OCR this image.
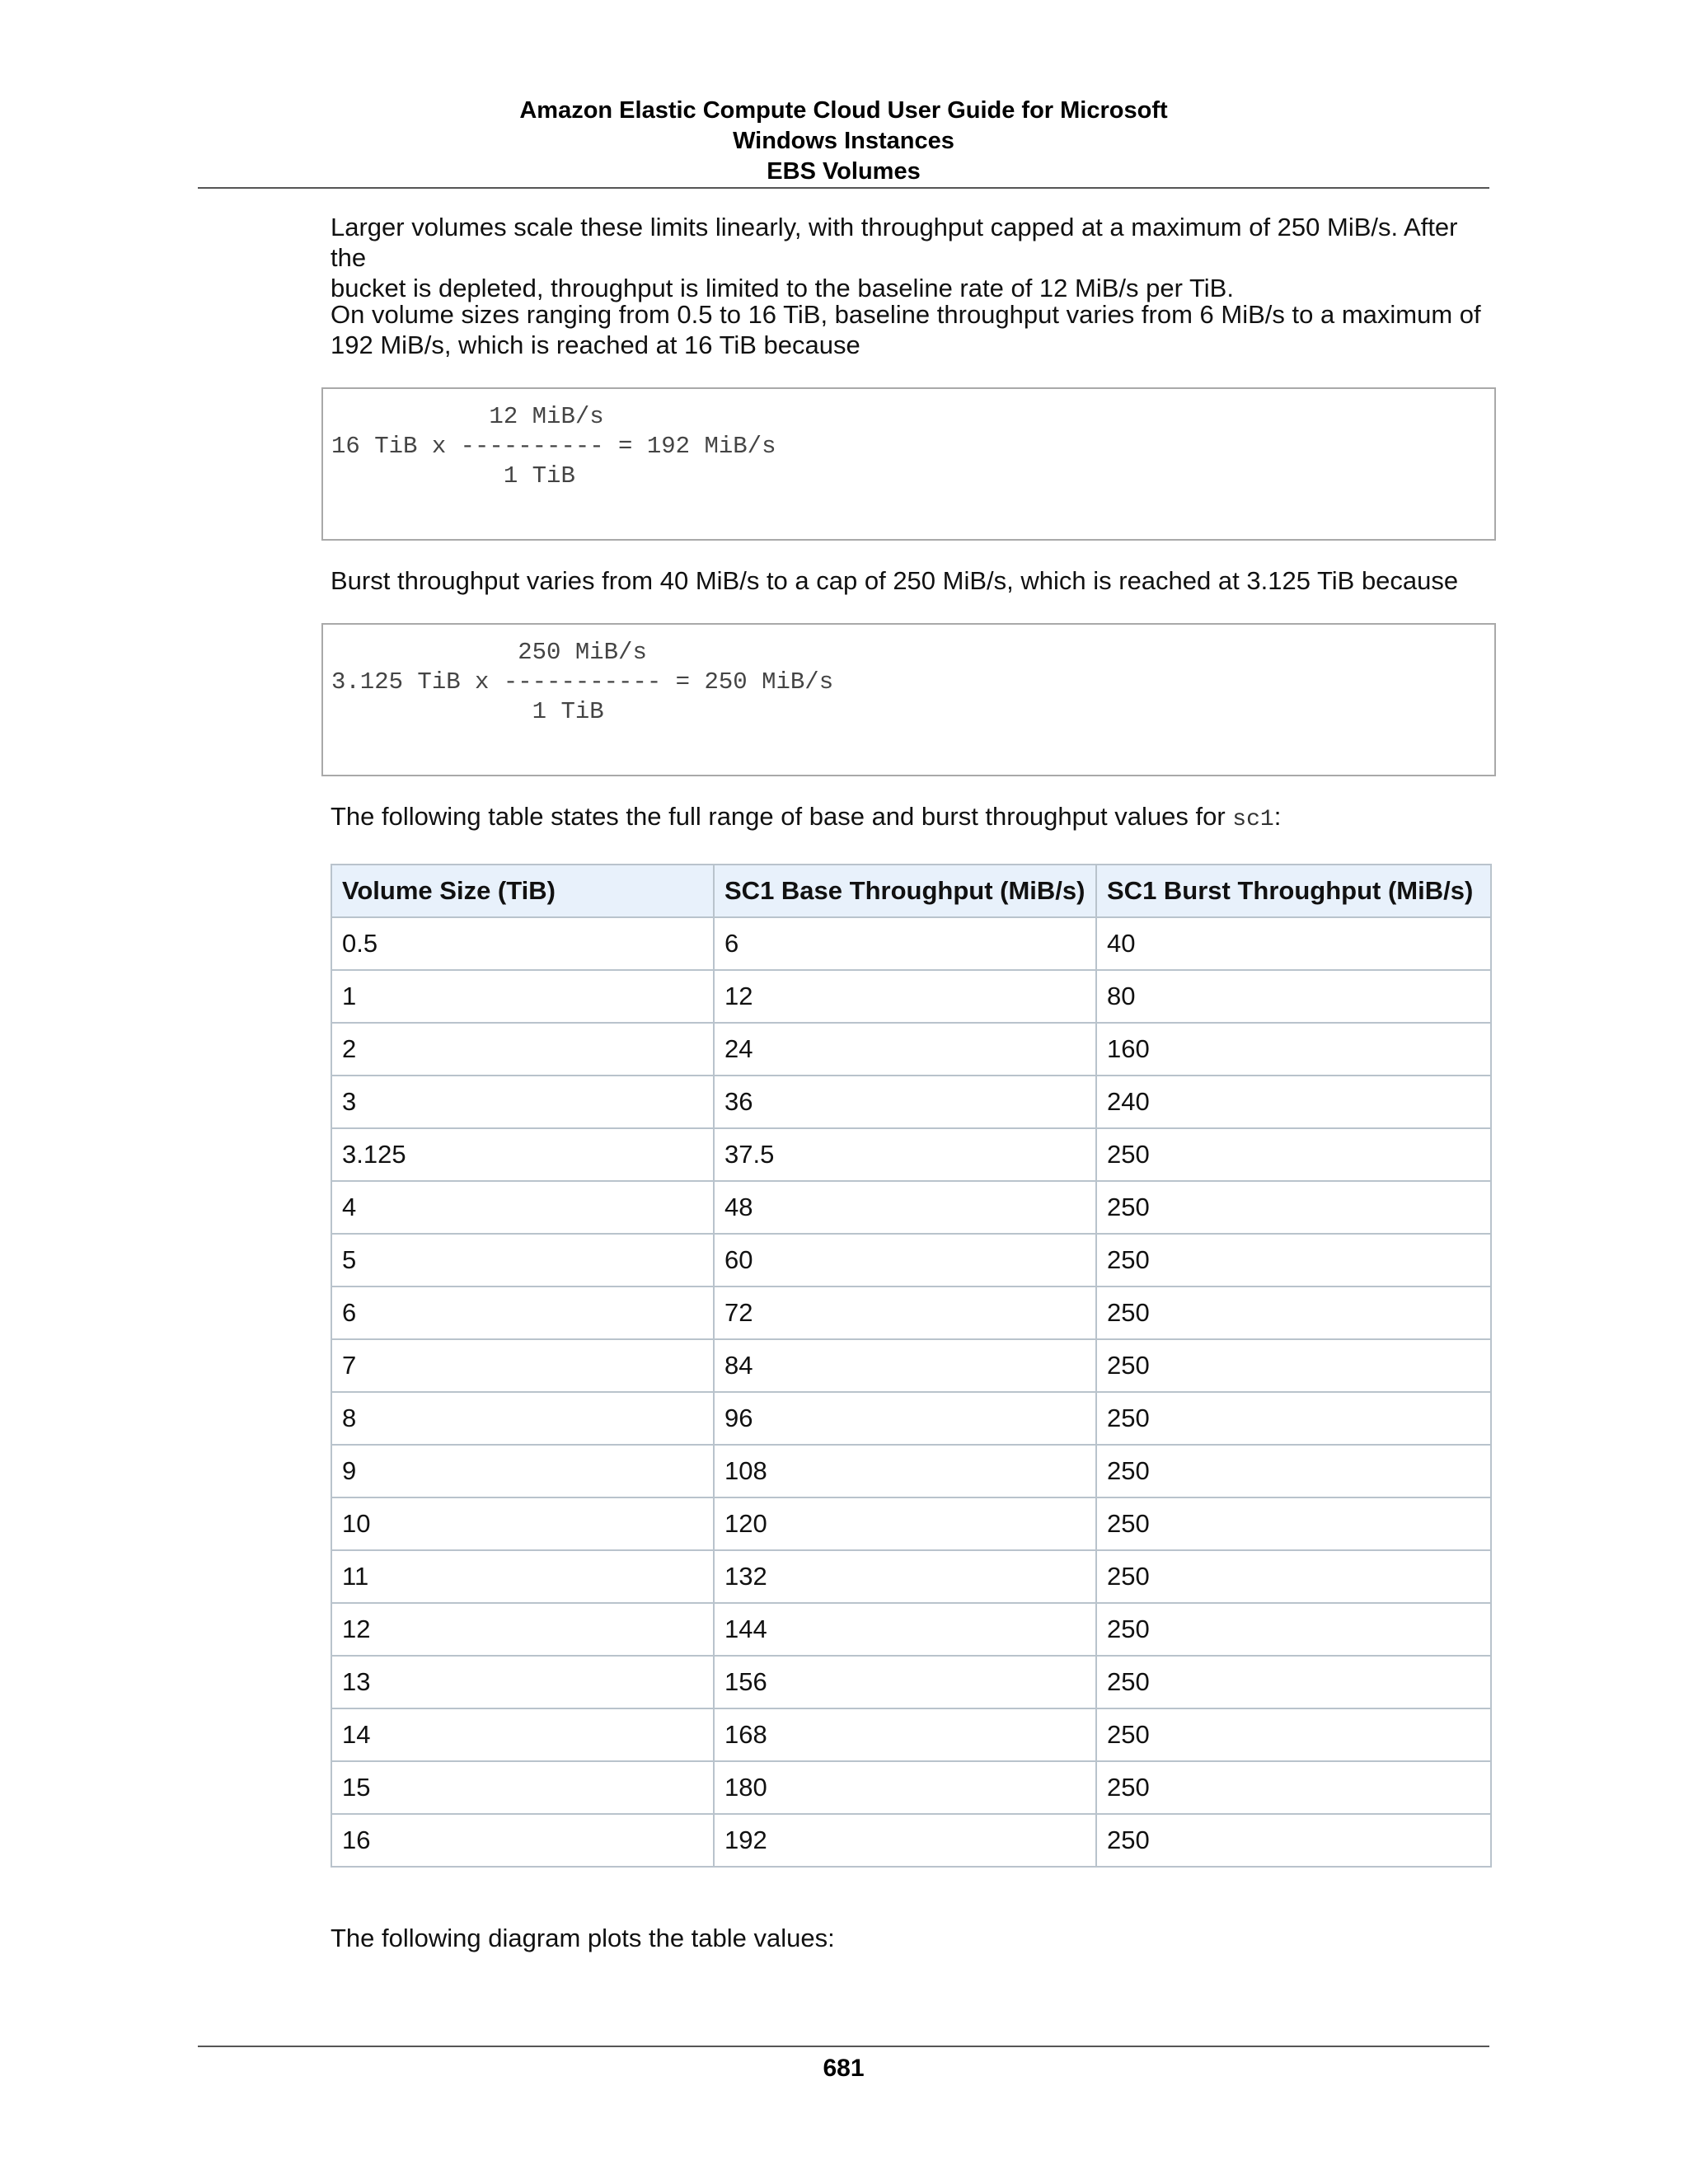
Amazon Elastic Compute Cloud User Guide for Microsoft
Windows Instances
EBS Volumes
Larger volumes scale these limits linearly, with throughput capped at a maximum of 250 MiB/s. After the
bucket is depleted, throughput is limited to the baseline rate of 12 MiB/s per TiB.
On volume sizes ranging from 0.5 to 16 TiB, baseline throughput varies from 6 MiB/s to a maximum of
192 MiB/s, which is reached at 16 TiB because
12 MiB/s
16 TiB x ---------- = 192 MiB/s
1 TiB
Burst throughput varies from 40 MiB/s to a cap of 250 MiB/s, which is reached at 3.125 TiB because
250 MiB/s
3.125 TiB x ----------- = 250 MiB/s
1 TiB
The following table states the full range of base and burst throughput values for sc1:
Volume Size (TiB)	SC1 Base Throughput (MiB/s)	SC1 Burst Throughput (MiB/s)
0.5	6	40
1	12	80
2	24	160
3	36	240
3.125	37.5	250
4	48	250
5	60	250
6	72	250
7	84	250
8	96	250
9	108	250
10	120	250
11	132	250
12	144	250
13	156	250
14	168	250
15	180	250
16	192	250
The following diagram plots the table values:
681
